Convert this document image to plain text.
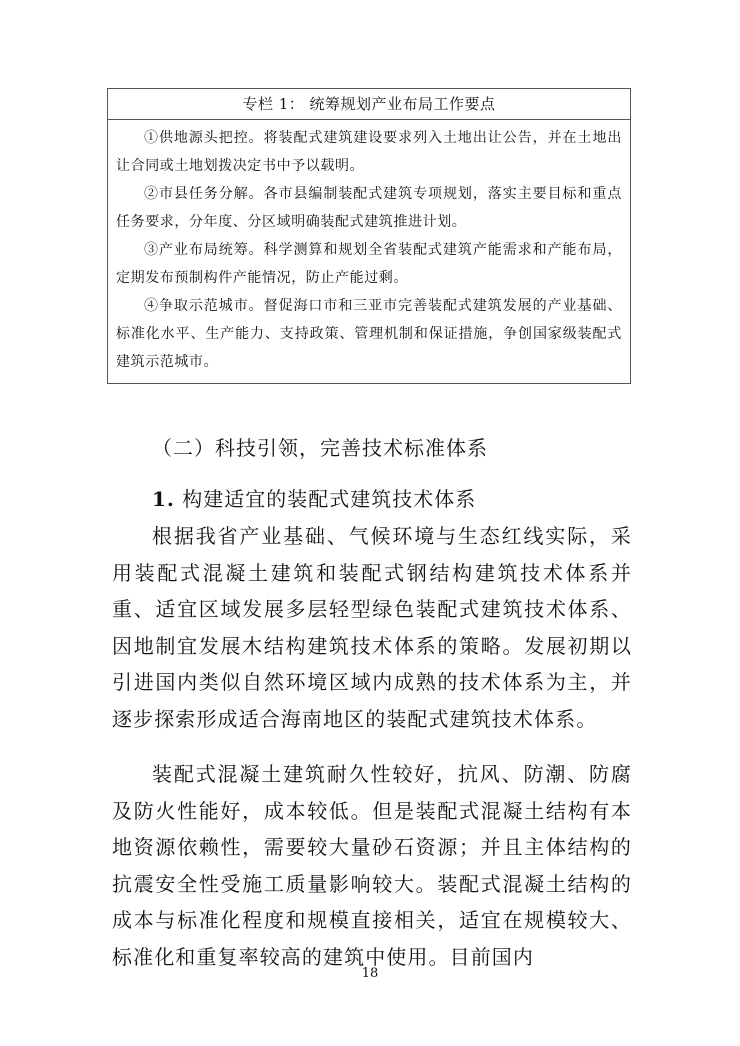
专栏 1： 统筹规划产业布局工作要点
①供地源头把控。将装配式建筑建设要求列入土地出让公告，并在土地出让合同或土地划拨决定书中予以载明。
②市县任务分解。各市县编制装配式建筑专项规划，落实主要目标和重点任务要求，分年度、分区域明确装配式建筑推进计划。
③产业布局统筹。科学测算和规划全省装配式建筑产能需求和产能布局，定期发布预制构件产能情况，防止产能过剩。
④争取示范城市。督促海口市和三亚市完善装配式建筑发展的产业基础、标准化水平、生产能力、支持政策、管理机制和保证措施，争创国家级装配式建筑示范城市。
（二）科技引领，完善技术标准体系
1. 构建适宜的装配式建筑技术体系
根据我省产业基础、气候环境与生态红线实际，采用装配式混凝土建筑和装配式钢结构建筑技术体系并重、适宜区域发展多层轻型绿色装配式建筑技术体系、因地制宜发展木结构建筑技术体系的策略。发展初期以引进国内类似自然环境区域内成熟的技术体系为主，并逐步探索形成适合海南地区的装配式建筑技术体系。
装配式混凝土建筑耐久性较好，抗风、防潮、防腐及防火性能好，成本较低。但是装配式混凝土结构有本地资源依赖性，需要较大量砂石资源；并且主体结构的抗震安全性受施工质量影响较大。装配式混凝土结构的成本与标准化程度和规模直接相关，适宜在规模较大、标准化和重复率较高的建筑中使用。目前国内
18
